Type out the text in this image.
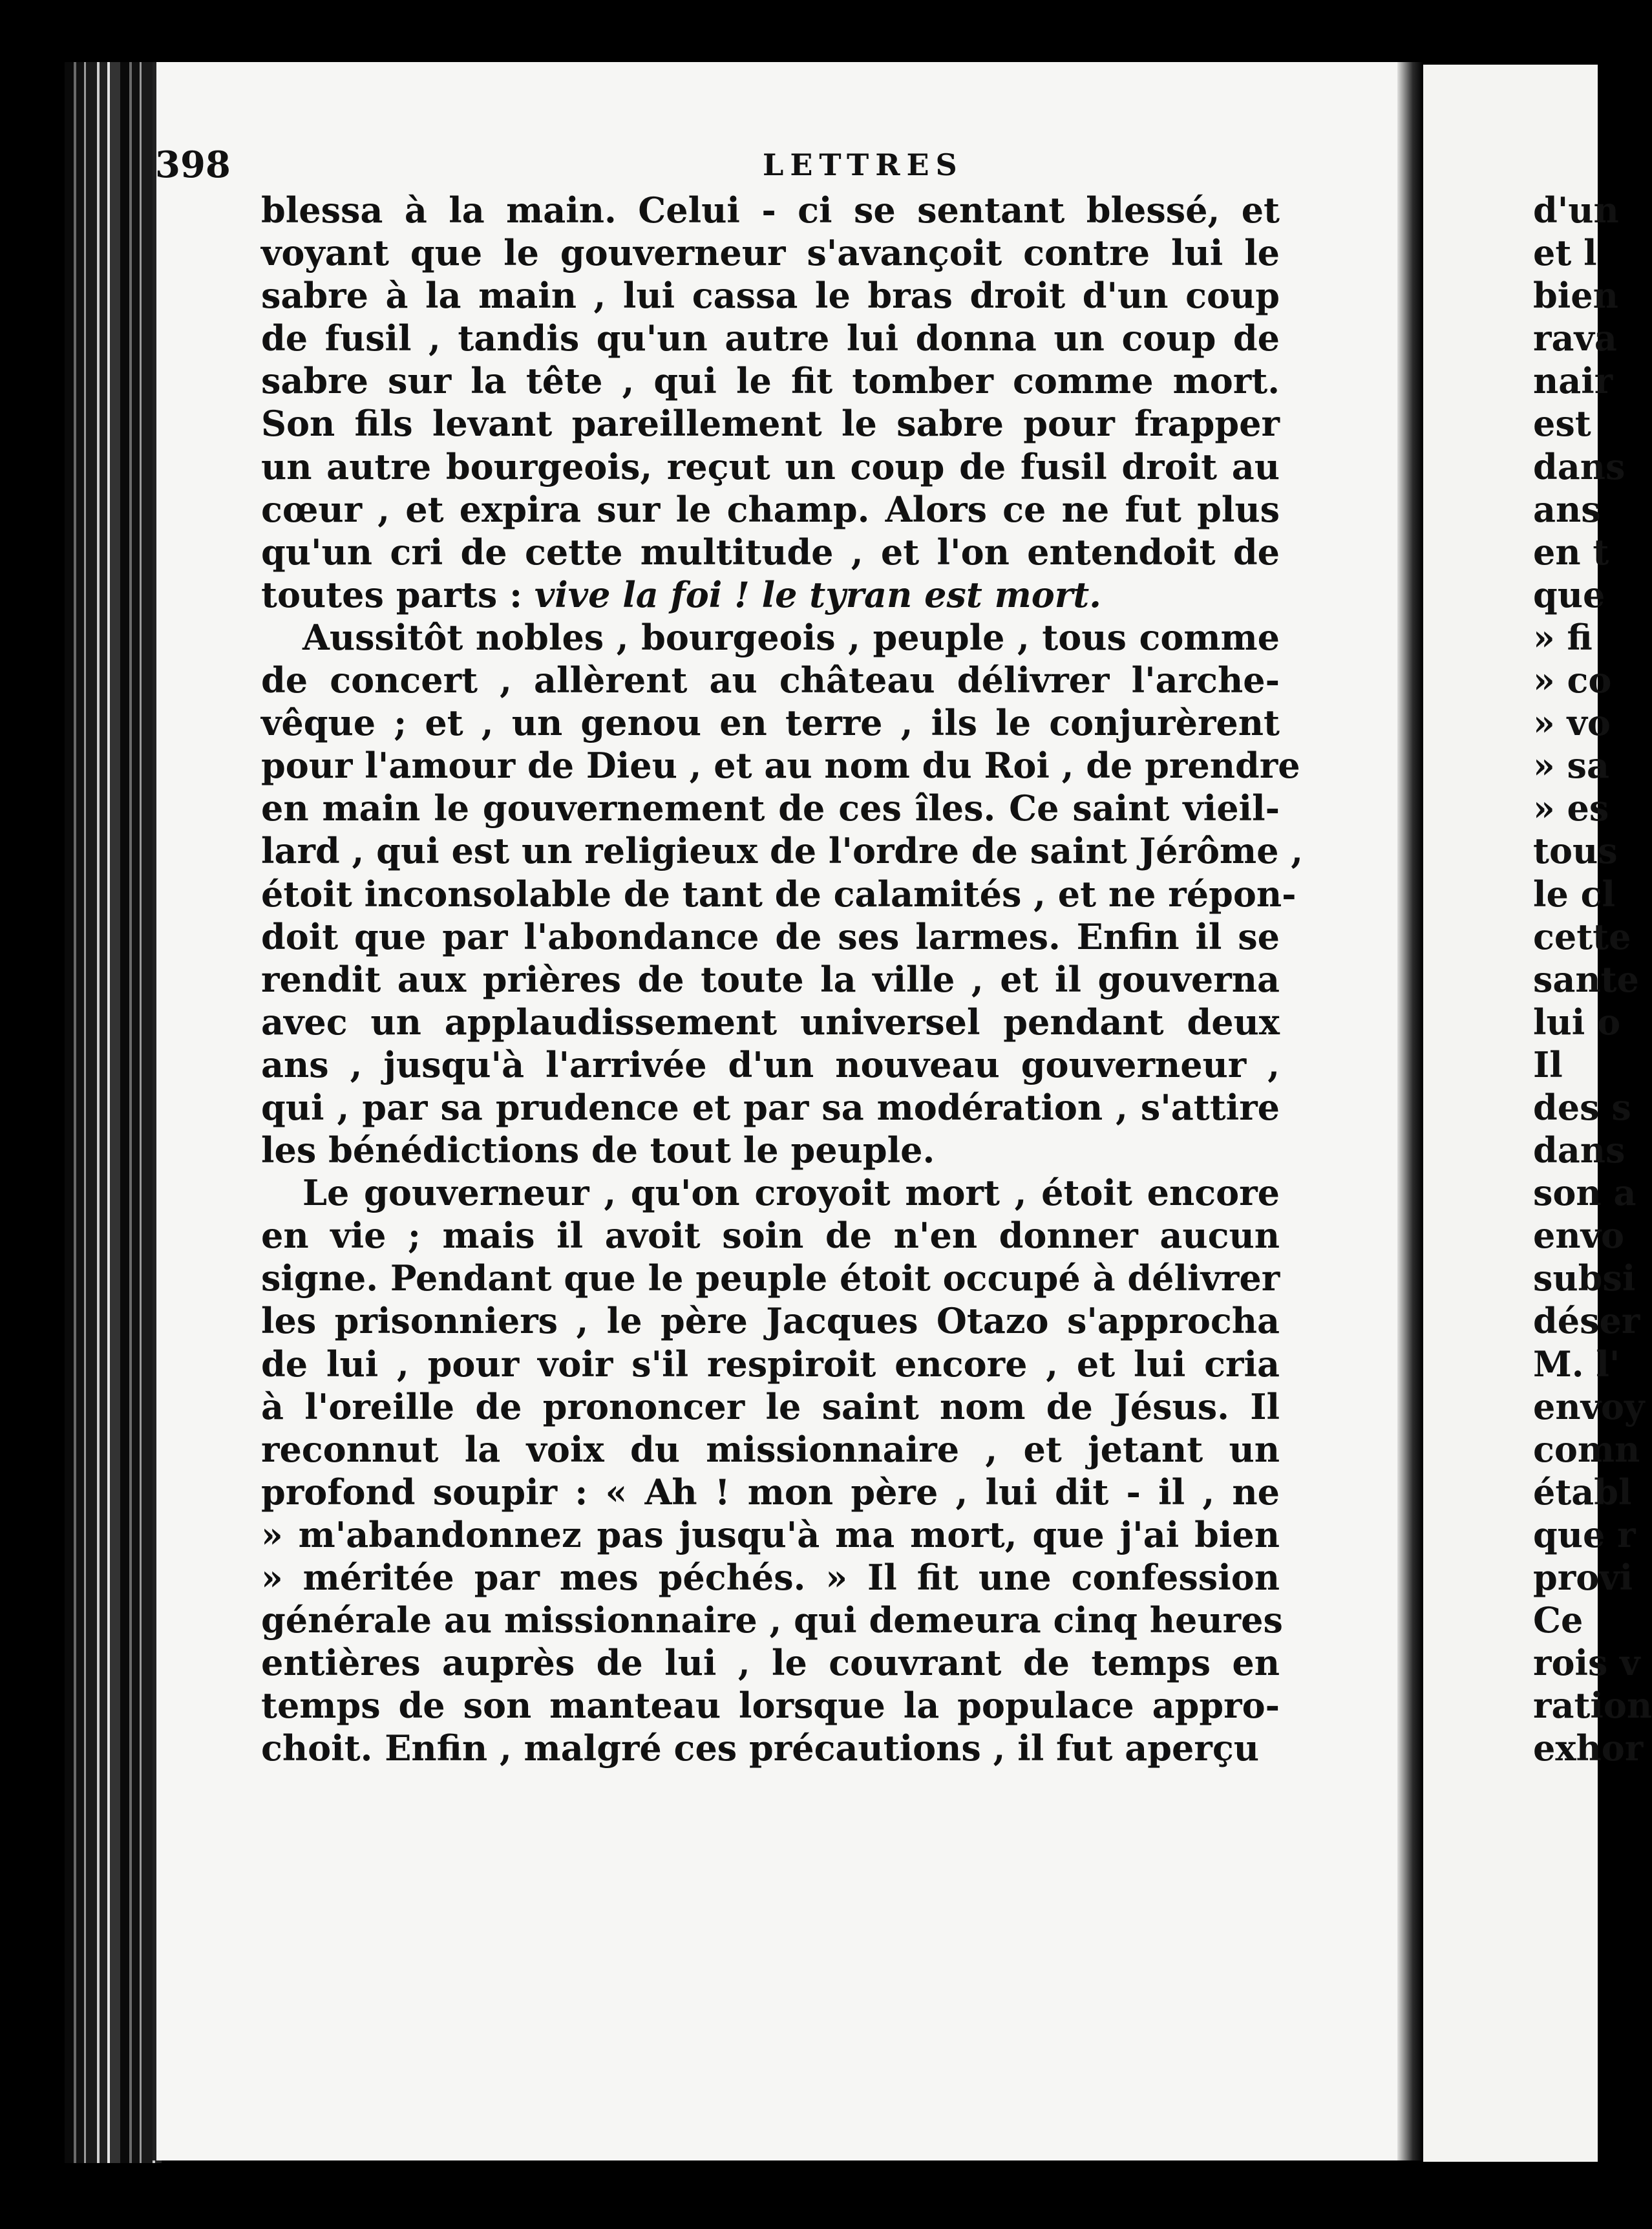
398	LETTRES
blessa à la main. Celui - ci se sentant blessé, et
voyant que le gouverneur s'avançoit contre lui le
sabre à la main , lui cassa le bras droit d'un coup
de fusil , tandis qu'un autre lui donna un coup de
sabre sur la tête , qui le fit tomber comme mort.
Son fils levant pareillement le sabre pour frapper
un autre bourgeois, reçut un coup de fusil droit au
cœur , et expira sur le champ. Alors ce ne fut plus
qu'un cri de cette multitude , et l'on entendoit de
toutes parts : vive la foi ! le tyran est mort.
Aussitôt nobles , bourgeois , peuple , tous comme
de concert , allèrent au château délivrer l'arche-
vêque ; et , un genou en terre , ils le conjurèrent
pour l'amour de Dieu , et au nom du Roi , de prendre
en main le gouvernement de ces îles. Ce saint vieil-
lard , qui est un religieux de l'ordre de saint Jérôme ,
étoit inconsolable de tant de calamités , et ne répon-
doit que par l'abondance de ses larmes. Enfin il se
rendit aux prières de toute la ville , et il gouverna
avec un applaudissement universel pendant deux
ans , jusqu'à l'arrivée d'un nouveau gouverneur ,
qui , par sa prudence et par sa modération , s'attire
les bénédictions de tout le peuple.
Le gouverneur , qu'on croyoit mort , étoit encore
en vie ; mais il avoit soin de n'en donner aucun
signe. Pendant que le peuple étoit occupé à délivrer
les prisonniers , le père Jacques Otazo s'approcha
de lui , pour voir s'il respiroit encore , et lui cria
à l'oreille de prononcer le saint nom de Jésus. Il
reconnut la voix du missionnaire , et jetant un
profond soupir : « Ah ! mon père , lui dit - il , ne
» m'abandonnez pas jusqu'à ma mort, que j'ai bien
» méritée par mes péchés. » Il fit une confession
générale au missionnaire , qui demeura cinq heures
entières auprès de lui , le couvrant de temps en
temps de son manteau lorsque la populace appro-
choit. Enfin , malgré ces précautions , il fut aperçu
d'un
et l
bien
rava
nair
est
dans
ans
en t
que
» fi
» co
» vo
» sa
» es
tous
le cl
cette
sante
lui o
Il
des s
dans
son a
envo
subsi
déser
M. l'
envoy
comn
établ
que r
provi
Ce
rois v
ration
exhor
